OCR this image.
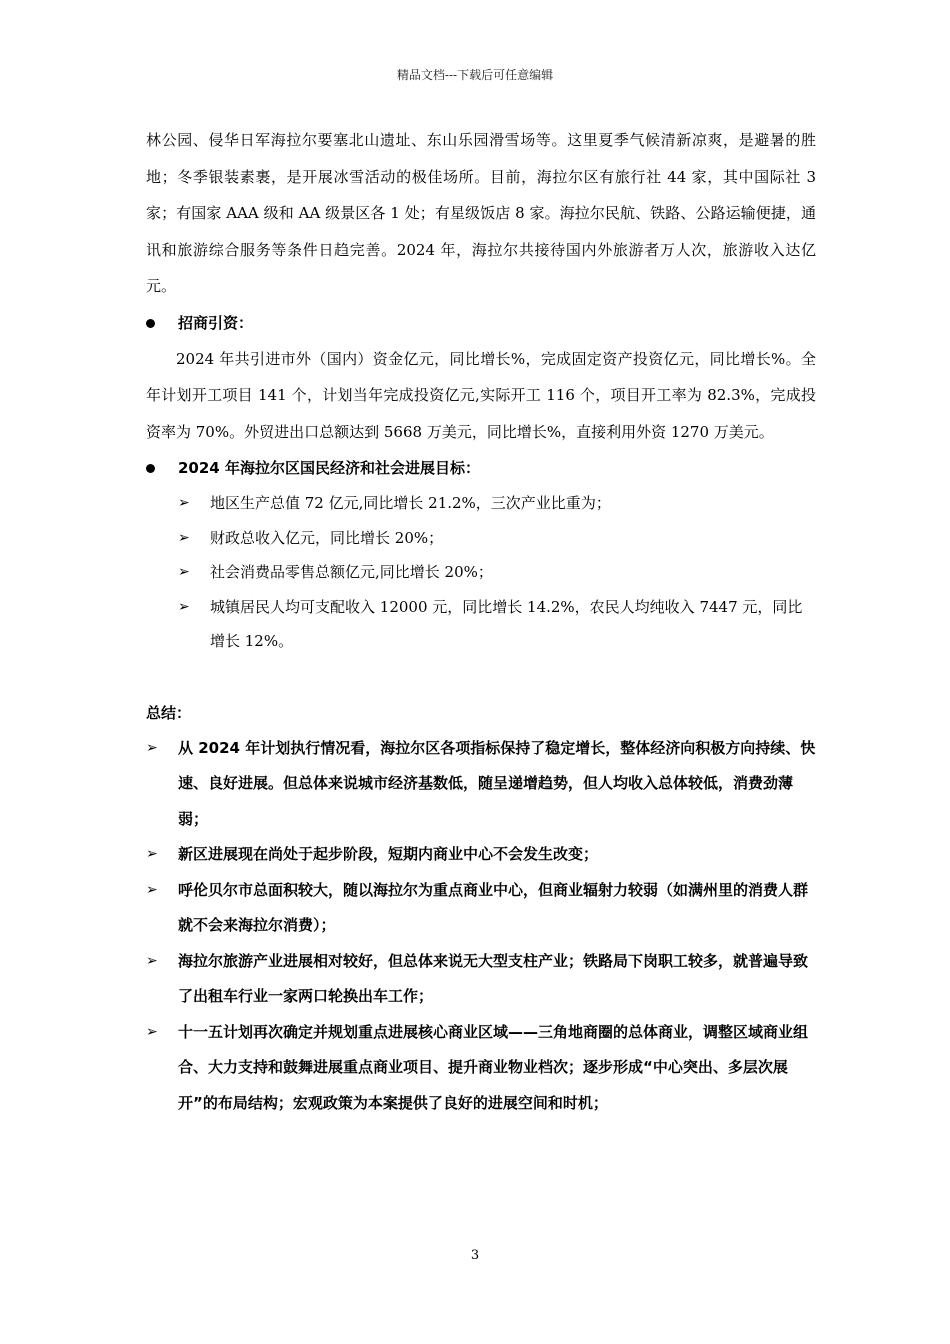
精品文档---下载后可任意编辑

林公园、侵华日军海拉尔要塞北山遗址、东山乐园滑雪场等。这里夏季气候清新凉爽，是避暑的胜地；冬季银装素裹，是开展冰雪活动的极佳场所。目前，海拉尔区有旅行社 44 家，其中国际社 3 家；有国家 AAA 级和 AA 级景区各 1 处；有星级饭店 8 家。海拉尔民航、铁路、公路运输便捷，通讯和旅游综合服务等条件日趋完善。2024 年，海拉尔共接待国内外旅游者万人次，旅游收入达亿元。

招商引资：

2024 年共引进市外（国内）资金亿元，同比增长%，完成固定资产投资亿元，同比增长%。全年计划开工项目 141 个，计划当年完成投资亿元,实际开工 116 个，项目开工率为 82.3%，完成投资率为 70%。外贸进出口总额达到 5668 万美元，同比增长%，直接利用外资 1270 万美元。

2024 年海拉尔区国民经济和社会进展目标：

➢ 地区生产总值 72 亿元,同比增长 21.2%，三次产业比重为；

➢ 财政总收入亿元，同比增长 20%；

➢ 社会消费品零售总额亿元,同比增长 20%；

➢ 城镇居民人均可支配收入 12000 元，同比增长 14.2%，农民人均纯收入 7447 元，同比增长 12%。

总结：

➢ 从 2024 年计划执行情况看，海拉尔区各项指标保持了稳定增长，整体经济向积极方向持续、快速、良好进展。但总体来说城市经济基数低，随呈递增趋势，但人均收入总体较低，消费劲薄弱；

➢ 新区进展现在尚处于起步阶段，短期内商业中心不会发生改变；

➢ 呼伦贝尔市总面积较大，随以海拉尔为重点商业中心，但商业辐射力较弱（如满州里的消费人群就不会来海拉尔消费）；

➢ 海拉尔旅游产业进展相对较好，但总体来说无大型支柱产业；铁路局下岗职工较多，就普遍导致了出租车行业一家两口轮换出车工作；

➢ 十一五计划再次确定并规划重点进展核心商业区域——三角地商圈的总体商业，调整区域商业组合、大力支持和鼓舞进展重点商业项目、提升商业物业档次；逐步形成“中心突出、多层次展开”的布局结构；宏观政策为本案提供了良好的进展空间和时机；

3
